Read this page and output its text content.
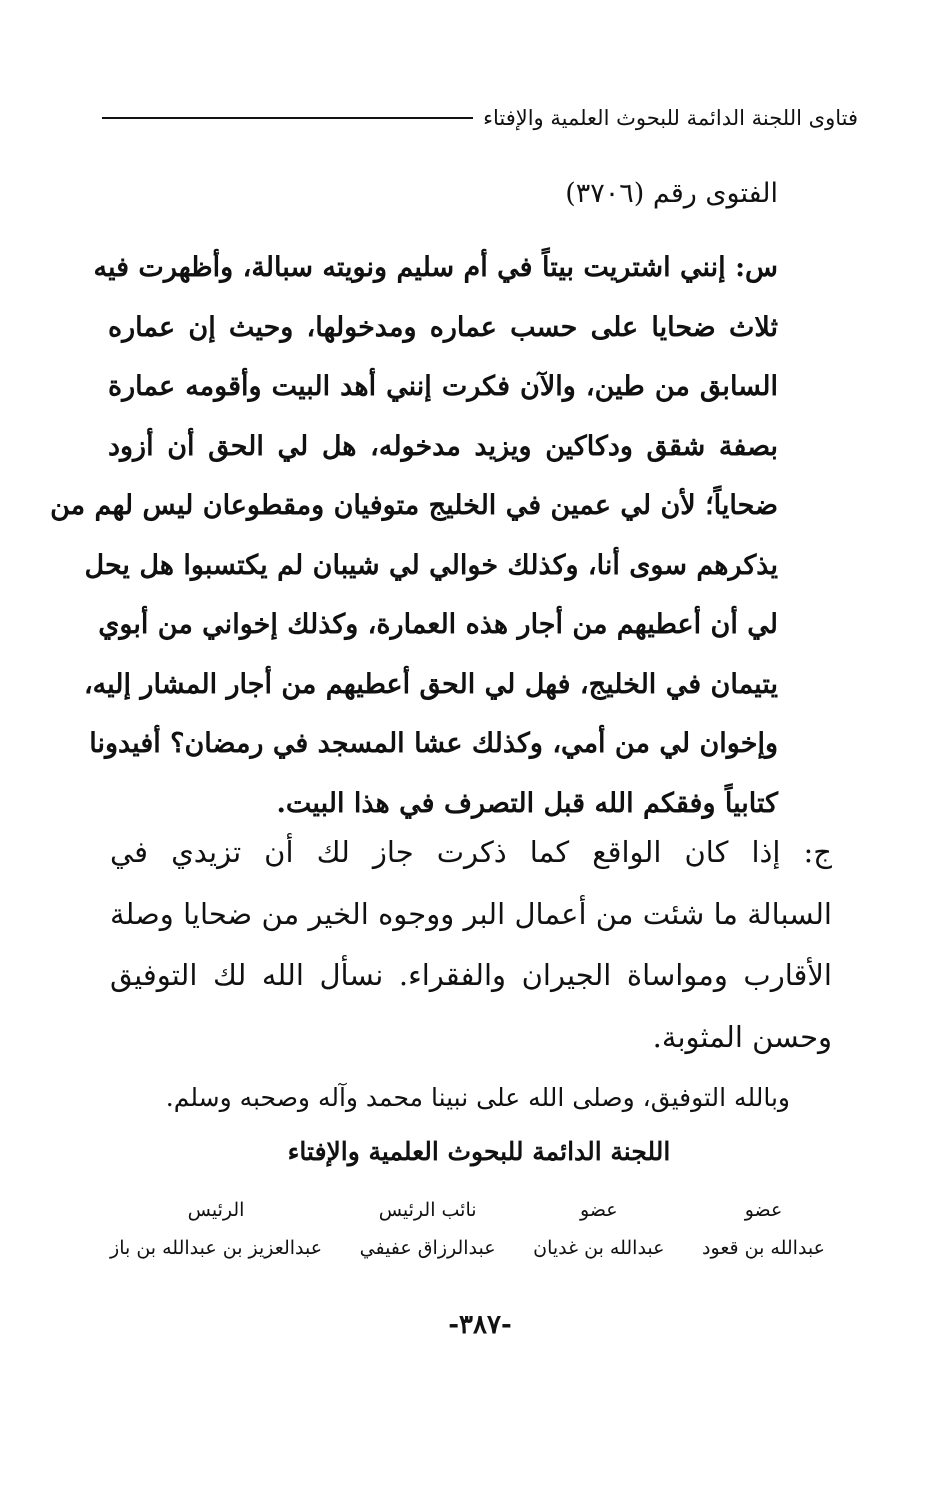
فتاوى اللجنة الدائمة للبحوث العلمية والإفتاء
الفتوى رقم (٣٧٠٦)
س: إنني اشتريت بيتاً في أم سليم ونويته سبالة، وأظهرت فيه
ثلاث ضحايا على حسب عماره ومدخولها، وحيث إن عماره
السابق من طين، والآن فكرت إنني أهد البيت وأقومه عمارة
بصفة شقق ودكاكين ويزيد مدخوله، هل لي الحق أن أزود
ضحاياً؛ لأن لي عمين في الخليج متوفيان ومقطوعان ليس لهم من
يذكرهم سوى أنا، وكذلك خوالي لي شيبان لم يكتسبوا هل يحل
لي أن أعطيهم من أجار هذه العمارة، وكذلك إخواني من أبوي
يتيمان في الخليج، فهل لي الحق أعطيهم من أجار المشار إليه،
وإخوان لي من أمي، وكذلك عشا المسجد في رمضان؟ أفيدونا
كتابياً وفقكم الله قبل التصرف في هذا البيت.
ج: إذا كان الواقع كما ذكرت جاز لك أن تزيدي في
السبالة ما شئت من أعمال البر ووجوه الخير من ضحايا وصلة
الأقارب ومواساة الجيران والفقراء. نسأل الله لك التوفيق
وحسن المثوبة.
وبالله التوفيق، وصلى الله على نبينا محمد وآله وصحبه وسلم.
اللجنة الدائمة للبحوث العلمية والإفتاء
عضو
عبدالله بن قعود
عضو
عبدالله بن غديان
نائب الرئيس
عبدالرزاق عفيفي
الرئيس
عبدالعزيز بن عبدالله بن باز
-٣٨٧-
